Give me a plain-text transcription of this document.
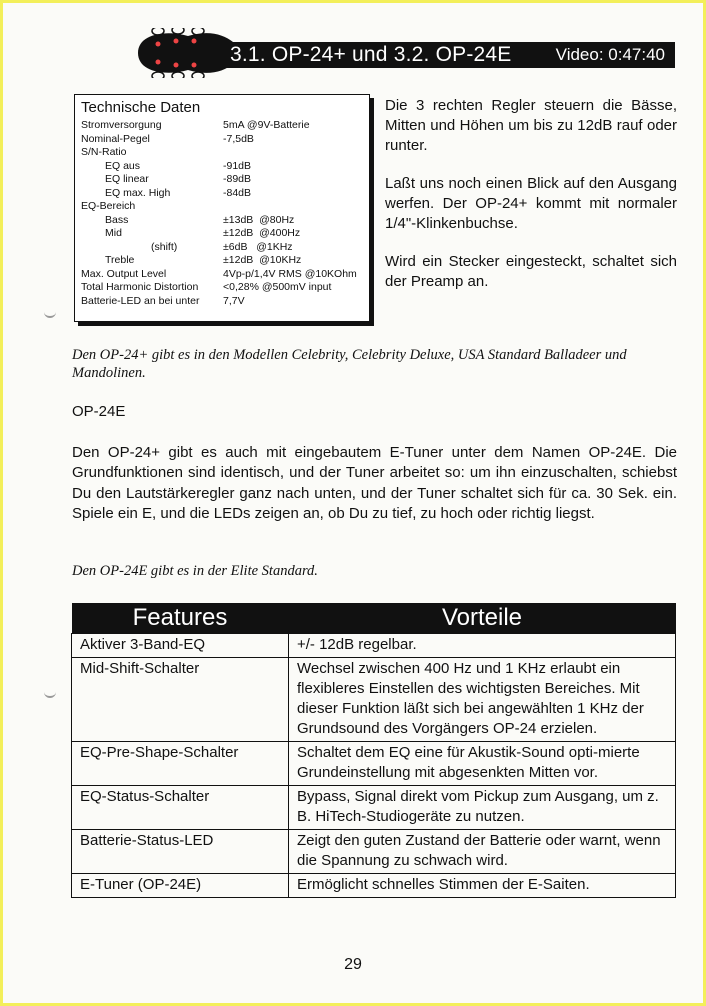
3.1. OP-24+ und 3.2. OP-24E	Video: 0:47:40
Technische Daten
Stromversorgung	5mA @9V-Batterie
Nominal-Pegel	-7,5dB
S/N-Ratio
EQ aus	-91dB
EQ linear	-89dB
EQ max. High	-84dB
EQ-Bereich
Bass	±13dB  @80Hz
Mid	±12dB  @400Hz
(shift)	±6dB   @1KHz
Treble	±12dB  @10KHz
Max. Output Level	4Vp-p/1,4V RMS @10KOhm
Total Harmonic Distortion	<0,28% @500mV input
Batterie-LED an bei unter	7,7V

Die 3 rechten Regler steuern die Bässe, Mitten und Höhen um bis zu 12dB rauf oder runter.

Laßt uns noch einen Blick auf den Ausgang werfen. Der OP-24+ kommt mit normaler 1/4"-Klinkenbuchse.

Wird ein Stecker eingesteckt, schaltet sich der Preamp an.

Den OP-24+ gibt es in den Modellen Celebrity, Celebrity Deluxe, USA Standard Balladeer und Mandolinen.
OP-24E
Den OP-24+ gibt es auch mit eingebautem E-Tuner unter dem Namen OP-24E. Die Grundfunktionen sind identisch, und der Tuner arbeitet so: um ihn einzuschalten, schiebst Du den Lautstärkeregler ganz nach unten, und der Tuner schaltet sich für ca. 30 Sek. ein. Spiele ein E, und die LEDs zeigen an, ob Du zu tief, zu hoch oder richtig liegst.
Den OP-24E gibt es in der Elite Standard.
Features	Vorteile
Aktiver 3-Band-EQ	+/- 12dB regelbar.
Mid-Shift-Schalter	Wechsel zwischen 400 Hz und 1 KHz erlaubt ein flexibleres Einstellen des wichtigsten Bereiches. Mit dieser Funktion läßt sich bei angewählten 1 KHz der Grundsound des Vorgängers OP-24 erzielen.
EQ-Pre-Shape-Schalter	Schaltet dem EQ eine für Akustik-Sound opti-mierte Grundeinstellung mit abgesenkten Mitten vor.
EQ-Status-Schalter	Bypass, Signal direkt vom Pickup zum Ausgang, um z. B. HiTech-Studiogeräte zu nutzen.
Batterie-Status-LED	Zeigt den guten Zustand der Batterie oder warnt, wenn die Spannung zu schwach wird.
E-Tuner (OP-24E)	Ermöglicht schnelles Stimmen der E-Saiten.
29
